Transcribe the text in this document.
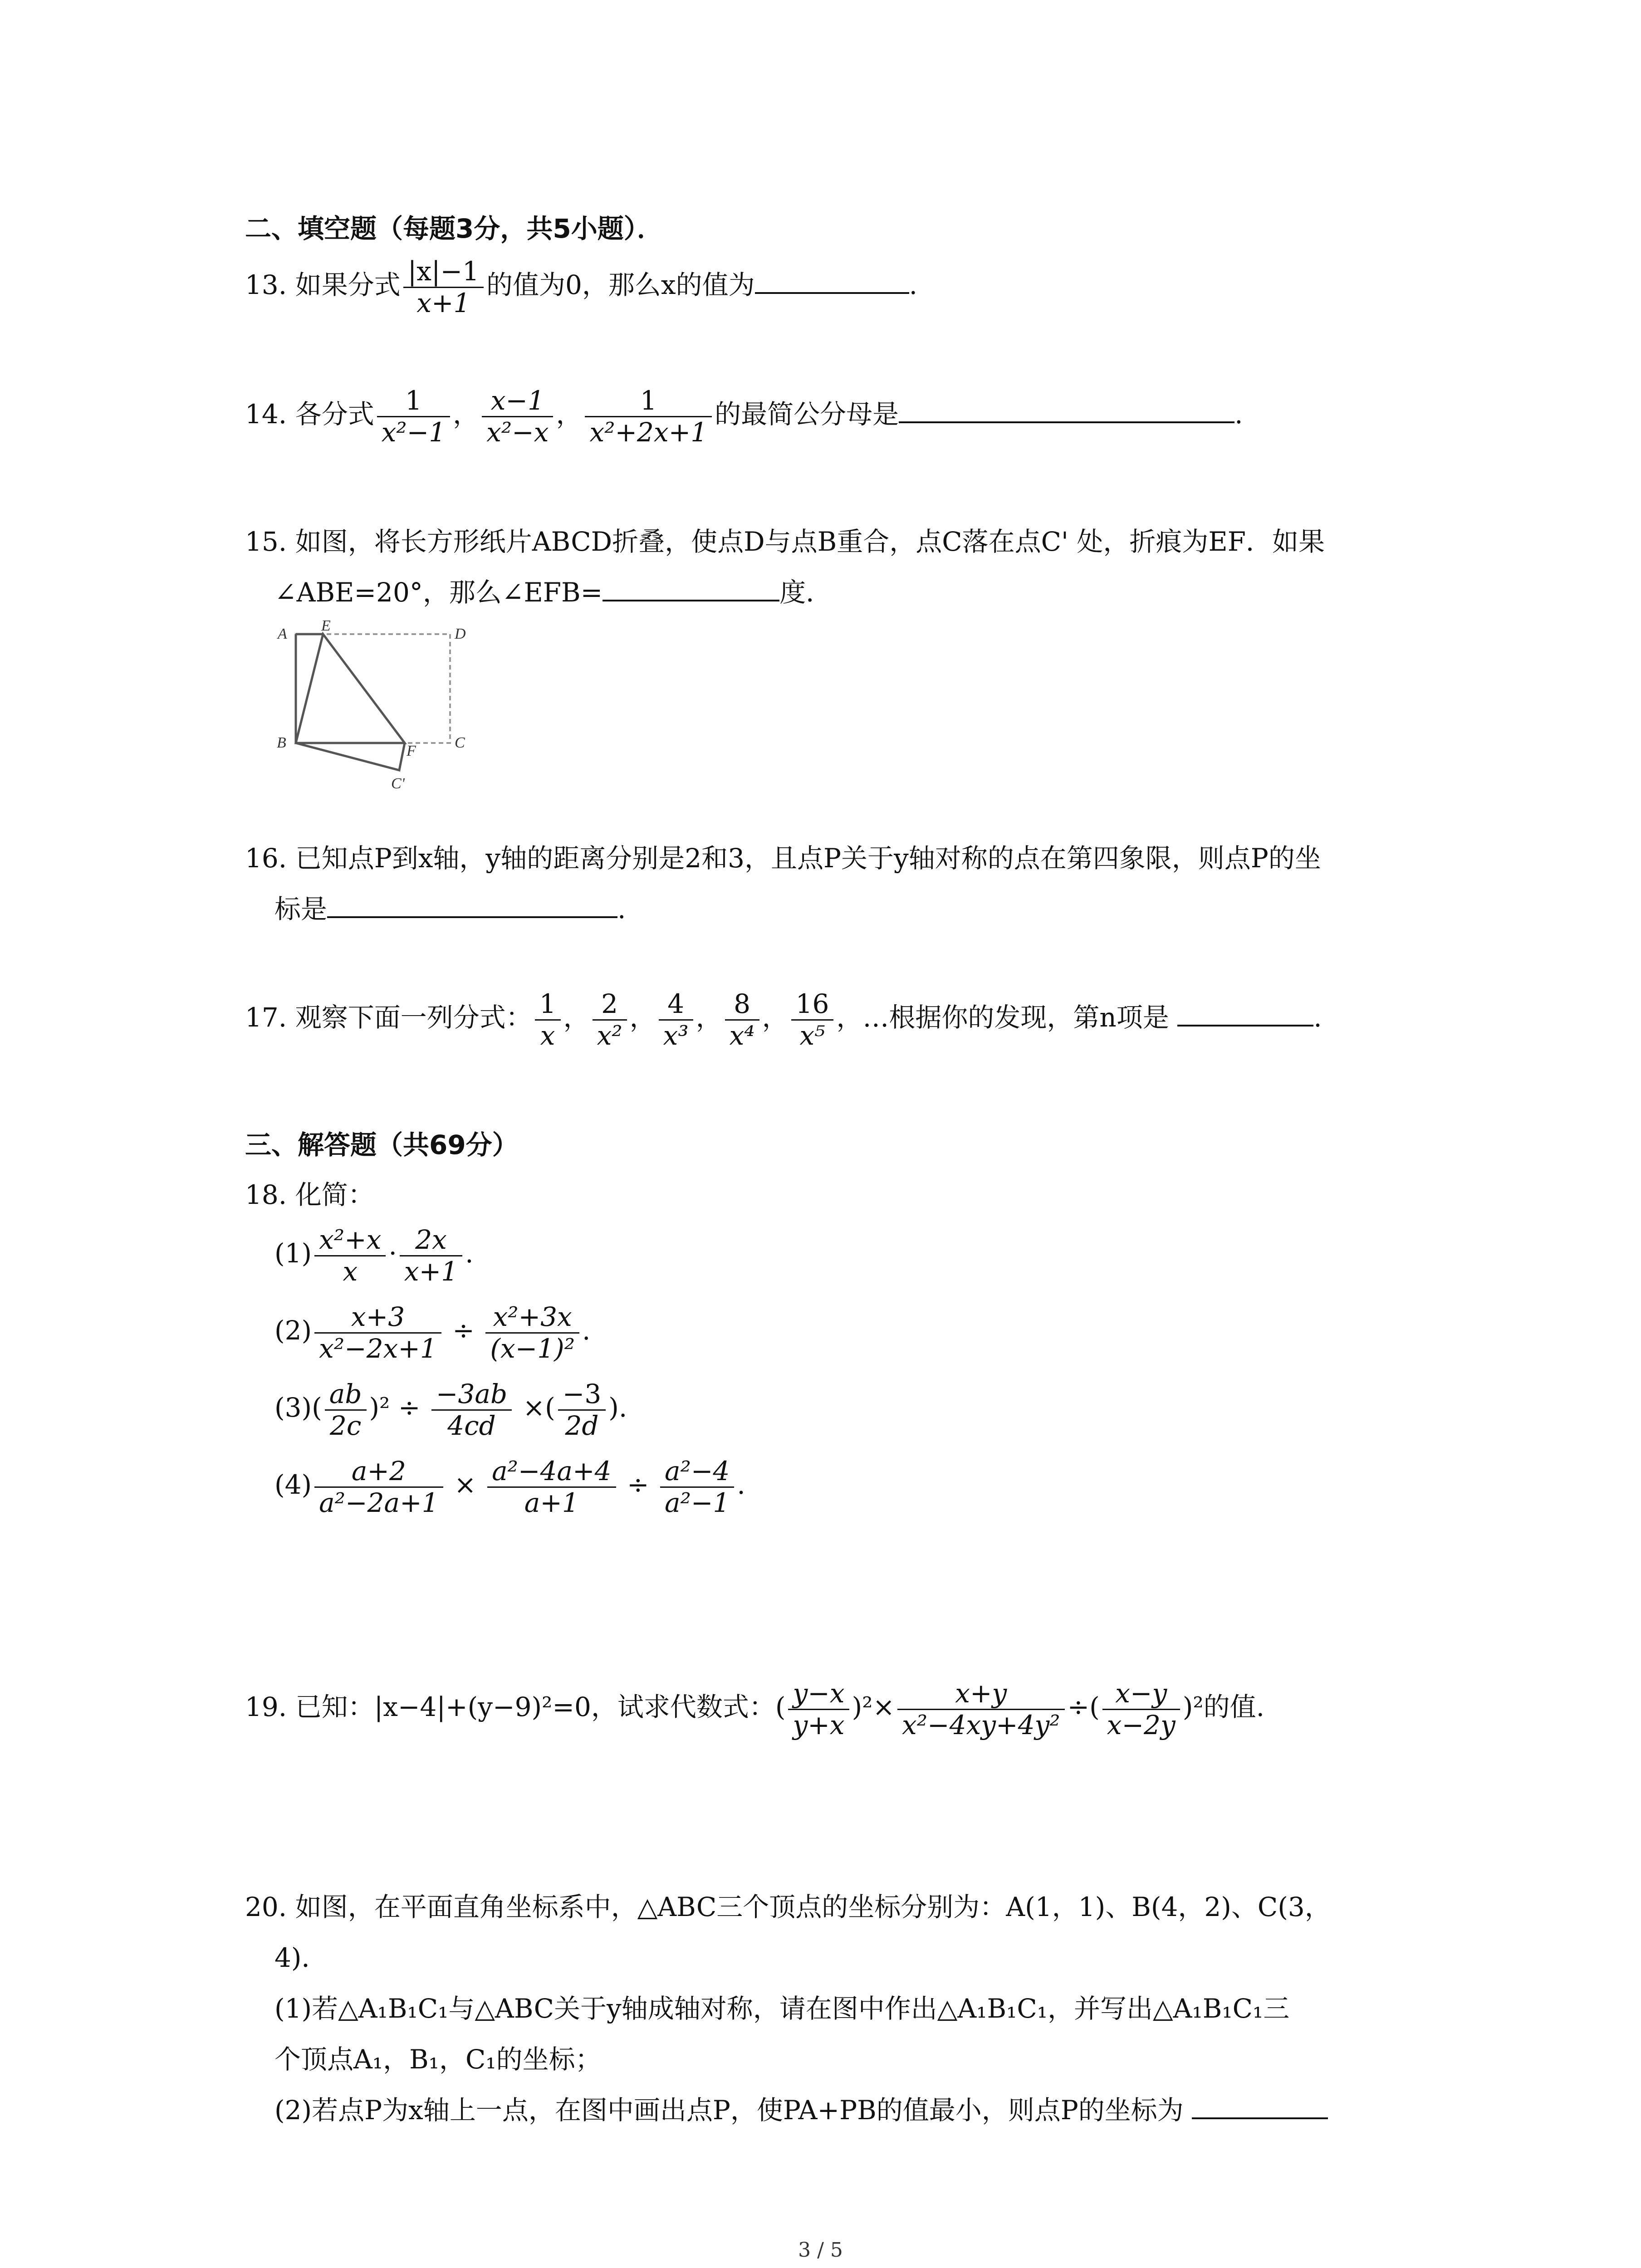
二、填空题（每题3分，共5小题）．
13. 如果分式 $\frac{|x|-1}{x+1}$ 的值为0，那么x的值为	.
14. 各分式 $\frac{1}{\text{x²−1}}$ ， $\frac{x-1}{\text{x²−x}}$ ， $\frac{1}{\text{x²+2x+1}}$ 的最简公分母是	.
15. 如图，将长方形纸片ABCD折叠，使点D与点B重合，点C落在点C' 处，折痕为EF．如果
∠ABE=20°，那么∠EFB=	度．
A E	D
B	F	C
C'
16. 已知点P到x轴，y轴的距离分别是2和3，且点P关于y轴对称的点在第四象限，则点P的坐
标是	.
17. 观察下面一列分式： $\frac{1}{x}$ ， $\frac{2}{\text{x²}}$ ， $\frac{4}{\text{x³}}$ ， $\frac{8}{\text{x⁴}}$ ， $\frac{16}{\text{x⁵}}$ ，…根据你的发现，第n项是	.
三、解答题（共69分）
18. 化简：
$(1) \frac{\text{x²+x}}{x} \cdot \frac{2x}{x+1}$ .
$(2) \frac{x+3}{\text{x²−2x+1}} \div \frac{\text{x²+3x}}{\text{(x−1)²}}$ .
$(3)( \frac{ab}{2c} )^2 \div \frac{-3ab}{4cd}$ ×( $\frac{-3}{2d}$ ).
$(4) \frac{a+2}{\text{a²−2a+1}} \times \frac{\text{a²−4a+4}}{a+1} \div \frac{\text{a²−4}}{\text{a²−1}}$ .
19. 已知：|x−4|+(y−9)²=0，试求代数式：( $\frac{y-x}{y+x} )^2\times \frac{x+y}{\text{x²−4xy+4y²}}$ ÷( $\frac{x-y}{x-2y} )^2$的值.
20. 如图，在平面直角坐标系中，△ABC三个顶点的坐标分别为：A(1，1)、B(4，2)、C(3，
4)．
(1)若△A₁B₁C₁与△ABC关于y轴成轴对称，请在图中作出△A₁B₁C₁，并写出△A₁B₁C₁三
个顶点A₁，B₁，C₁的坐标；
(2)若点P为x轴上一点，在图中画出点P，使PA+PB的值最小，则点P的坐标为
3 / 5
